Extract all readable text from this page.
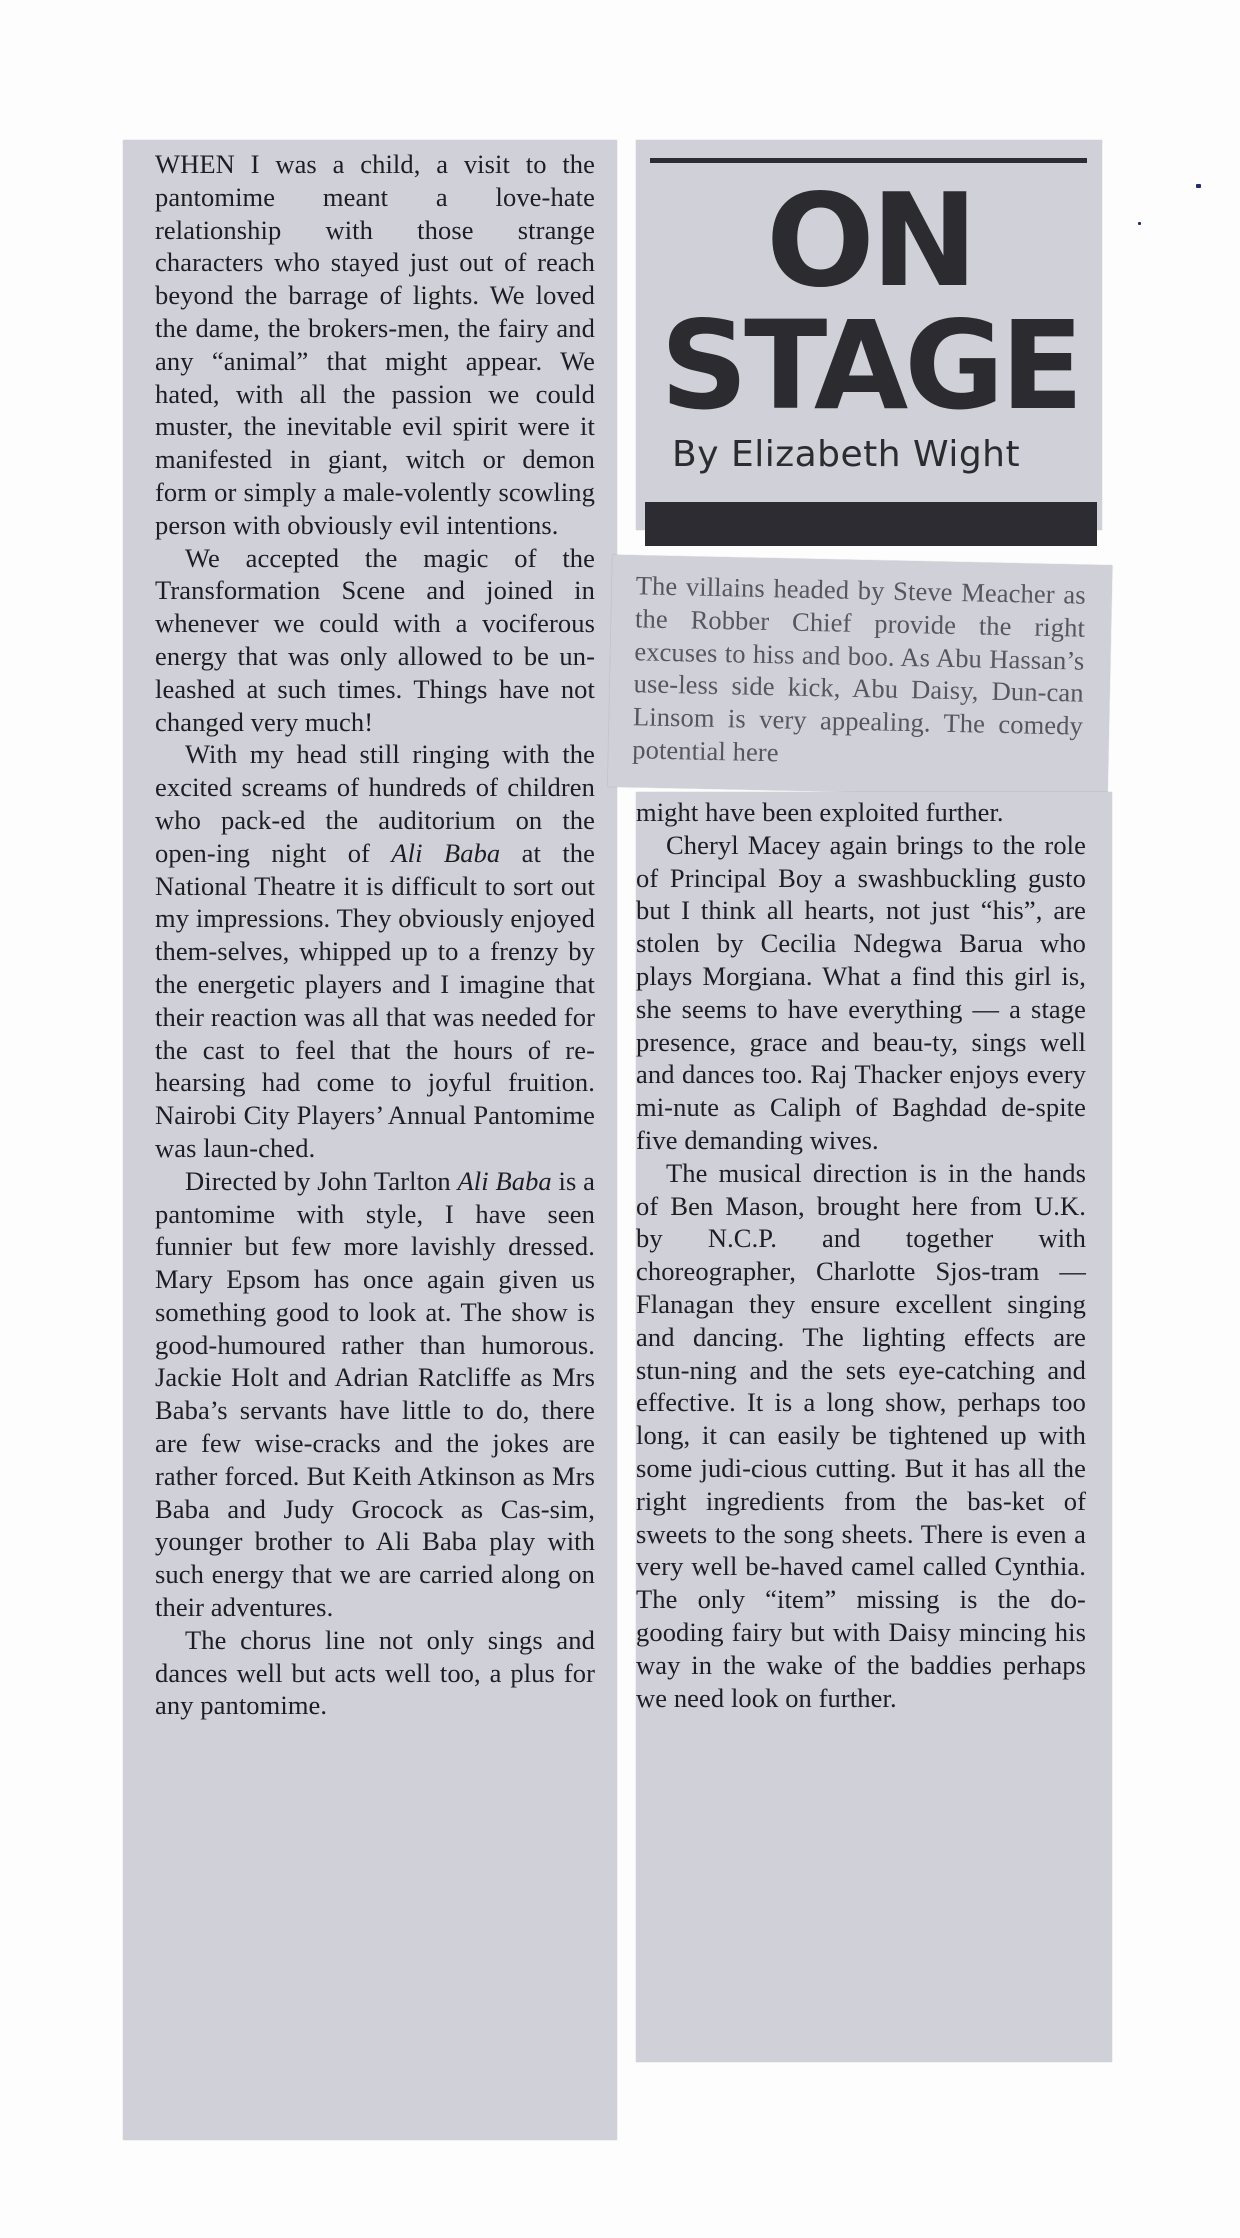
ON
STAGE
By Elizabeth Wight

WHEN I was a child, a visit to the pantomime meant a love-hate relationship with those strange characters who stayed just out of reach beyond the barrage of lights. We loved the dame, the brokers-men, the fairy and any “animal” that might appear. We hated, with all the passion we could muster, the inevitable evil spirit were it manifested in giant, witch or demon form or simply a male-volently scowling person with obviously evil intentions.

We accepted the magic of the Transformation Scene and joined in whenever we could with a vociferous energy that was only allowed to be un-leashed at such times. Things have not changed very much!

With my head still ringing with the excited screams of hundreds of children who pack-ed the auditorium on the open-ing night of Ali Baba at the National Theatre it is difficult to sort out my impressions. They obviously enjoyed them-selves, whipped up to a frenzy by the energetic players and I imagine that their reaction was all that was needed for the cast to feel that the hours of re-hearsing had come to joyful fruition. Nairobi City Players’ Annual Pantomime was laun-ched.

Directed by John Tarlton Ali Baba is a pantomime with style, I have seen funnier but few more lavishly dressed. Mary Epsom has once again given us something good to look at. The show is good-humoured rather than humorous. Jackie Holt and Adrian Ratcliffe as Mrs Baba’s servants have little to do, there are few wise-cracks and the jokes are rather forced. But Keith Atkinson as Mrs Baba and Judy Grocock as Cas-sim, younger brother to Ali Baba play with such energy that we are carried along on their adventures.

The chorus line not only sings and dances well but acts well too, a plus for any pantomime.

The villains headed by Steve Meacher as the Robber Chief provide the right excuses to hiss and boo. As Abu Hassan’s use-less side kick, Abu Daisy, Dun-can Linsom is very appealing. The comedy potential here

might have been exploited further.

Cheryl Macey again brings to the role of Principal Boy a swashbuckling gusto but I think all hearts, not just “his”, are stolen by Cecilia Ndegwa Barua who plays Morgiana. What a find this girl is, she seems to have everything — a stage presence, grace and beau-ty, sings well and dances too. Raj Thacker enjoys every mi-nute as Caliph of Baghdad de-spite five demanding wives.

The musical direction is in the hands of Ben Mason, brought here from U.K. by N.C.P. and together with choreographer, Charlotte Sjos-tram — Flanagan they ensure excellent singing and dancing. The lighting effects are stun-ning and the sets eye-catching and effective. It is a long show, perhaps too long, it can easily be tightened up with some judi-cious cutting. But it has all the right ingredients from the bas-ket of sweets to the song sheets. There is even a very well be-haved camel called Cynthia. The only “item” missing is the do-gooding fairy but with Daisy mincing his way in the wake of the baddies perhaps we need look on further.
